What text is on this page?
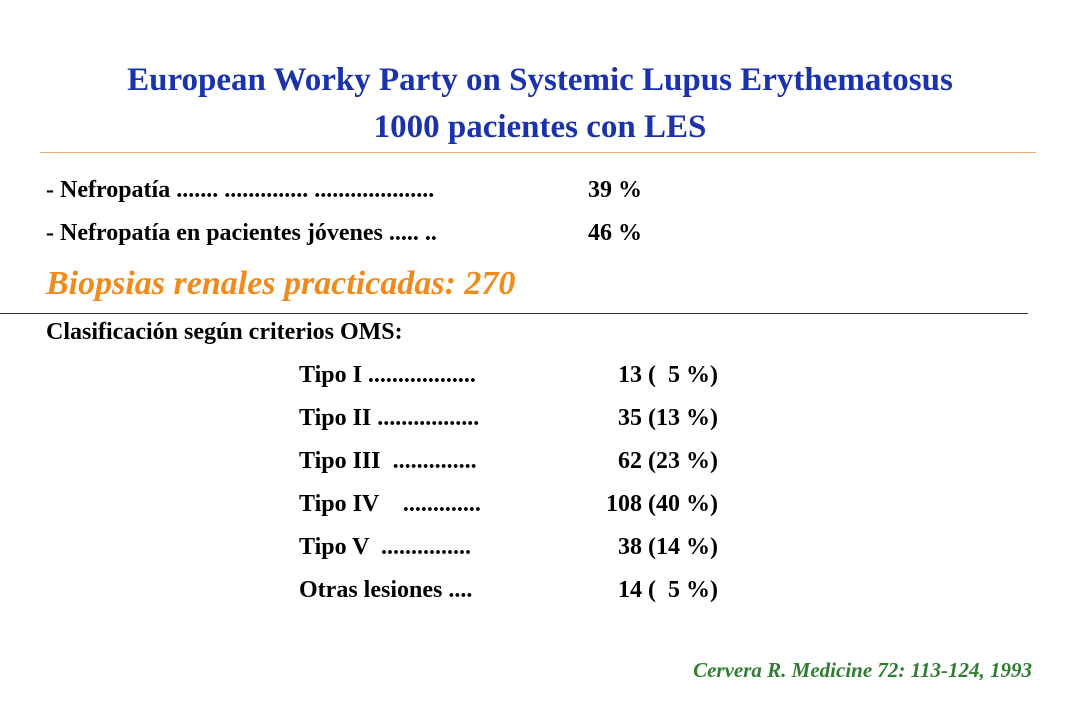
European Worky Party on Systemic Lupus Erythematosus
1000 pacientes con LES
- Nefropatía ....... .............. ....................	39 %
- Nefropatía en pacientes jóvenes ..... ..	46 %
Biopsias renales practicadas: 270
Clasificación según criterios OMS:
Tipo I ..................	13 (  5 %)
Tipo II .................	35 (13 %)
Tipo III  ..............	62 (23 %)
Tipo IV    .............	108 (40 %)
Tipo V  ...............	38 (14 %)
Otras lesiones ....	14 (  5 %)
Cervera R. Medicine 72: 113-124, 1993
